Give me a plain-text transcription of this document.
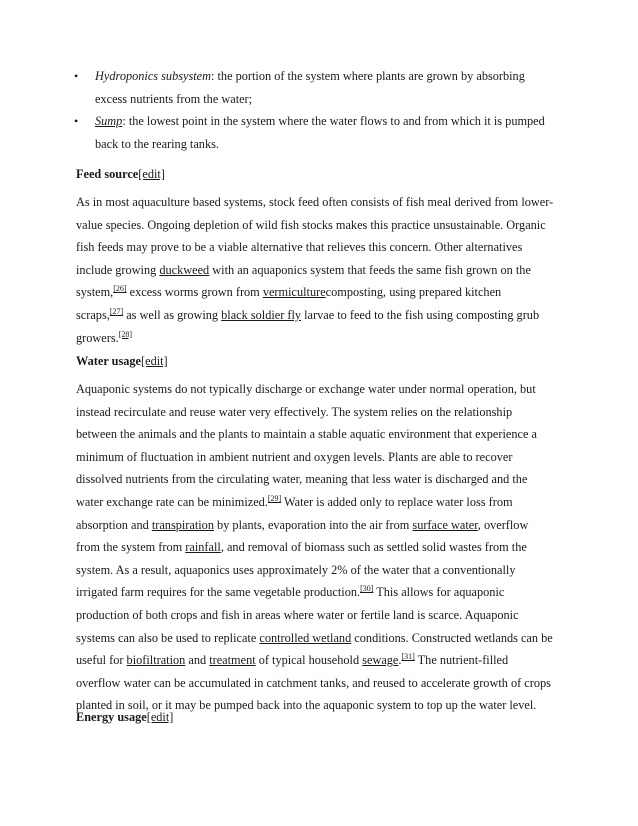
• Hydroponics subsystem: the portion of the system where plants are grown by absorbing
excess nutrients from the water;
• Sump: the lowest point in the system where the water flows to and from which it is pumped
back to the rearing tanks.
Feed source[edit]
As in most aquaculture based systems, stock feed often consists of fish meal derived from lower-
value species. Ongoing depletion of wild fish stocks makes this practice unsustainable. Organic
fish feeds may prove to be a viable alternative that relieves this concern. Other alternatives
include growing duckweed with an aquaponics system that feeds the same fish grown on the
system,[26] excess worms grown from vermiculturecomposting, using prepared kitchen
scraps,[27] as well as growing black soldier fly larvae to feed to the fish using composting grub
growers.[28]
Water usage[edit]
Aquaponic systems do not typically discharge or exchange water under normal operation, but
instead recirculate and reuse water very effectively. The system relies on the relationship
between the animals and the plants to maintain a stable aquatic environment that experience a
minimum of fluctuation in ambient nutrient and oxygen levels. Plants are able to recover
dissolved nutrients from the circulating water, meaning that less water is discharged and the
water exchange rate can be minimized.[29] Water is added only to replace water loss from
absorption and transpiration by plants, evaporation into the air from surface water, overflow
from the system from rainfall, and removal of biomass such as settled solid wastes from the
system. As a result, aquaponics uses approximately 2% of the water that a conventionally
irrigated farm requires for the same vegetable production.[30] This allows for aquaponic
production of both crops and fish in areas where water or fertile land is scarce. Aquaponic
systems can also be used to replicate controlled wetland conditions. Constructed wetlands can be
useful for biofiltration and treatment of typical household sewage.[31] The nutrient-filled
overflow water can be accumulated in catchment tanks, and reused to accelerate growth of crops
planted in soil, or it may be pumped back into the aquaponic system to top up the water level.
Energy usage[edit]
